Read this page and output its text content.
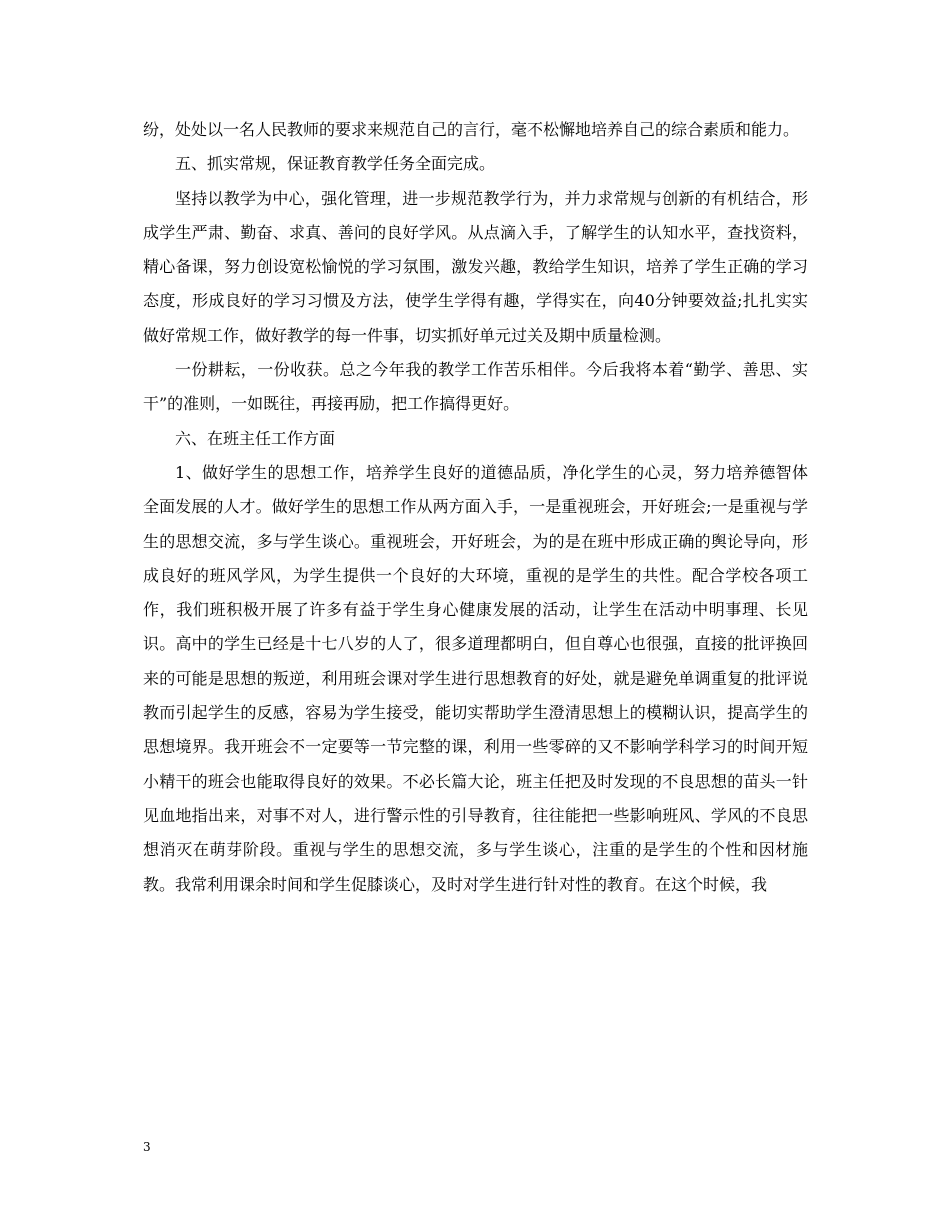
纷，处处以一名人民教师的要求来规范自己的言行，毫不松懈地培养自己的综合素质和能力。

五、抓实常规，保证教育教学任务全面完成。

坚持以教学为中心，强化管理，进一步规范教学行为，并力求常规与创新的有机结合，形成学生严肃、勤奋、求真、善问的良好学风。从点滴入手，了解学生的认知水平，查找资料，精心备课，努力创设宽松愉悦的学习氛围，激发兴趣，教给学生知识，培养了学生正确的学习态度，形成良好的学习习惯及方法，使学生学得有趣，学得实在，向40分钟要效益;扎扎实实做好常规工作，做好教学的每一件事，切实抓好单元过关及期中质量检测。

一份耕耘，一份收获。总之今年我的教学工作苦乐相伴。今后我将本着“勤学、善思、实干”的准则，一如既往，再接再励，把工作搞得更好。

六、在班主任工作方面

1、做好学生的思想工作，培养学生良好的道德品质，净化学生的心灵，努力培养德智体全面发展的人才。做好学生的思想工作从两方面入手，一是重视班会，开好班会;一是重视与学生的思想交流，多与学生谈心。重视班会，开好班会，为的是在班中形成正确的舆论导向，形成良好的班风学风，为学生提供一个良好的大环境，重视的是学生的共性。配合学校各项工作，我们班积极开展了许多有益于学生身心健康发展的活动，让学生在活动中明事理、长见识。高中的学生已经是十七八岁的人了，很多道理都明白，但自尊心也很强，直接的批评换回来的可能是思想的叛逆，利用班会课对学生进行思想教育的好处，就是避免单调重复的批评说教而引起学生的反感，容易为学生接受，能切实帮助学生澄清思想上的模糊认识，提高学生的思想境界。我开班会不一定要等一节完整的课，利用一些零碎的又不影响学科学习的时间开短小精干的班会也能取得良好的效果。不必长篇大论，班主任把及时发现的不良思想的苗头一针见血地指出来，对事不对人，进行警示性的引导教育，往往能把一些影响班风、学风的不良思想消灭在萌芽阶段。重视与学生的思想交流，多与学生谈心，注重的是学生的个性和因材施教。我常利用课余时间和学生促膝谈心，及时对学生进行针对性的教育。在这个时候，我

3
